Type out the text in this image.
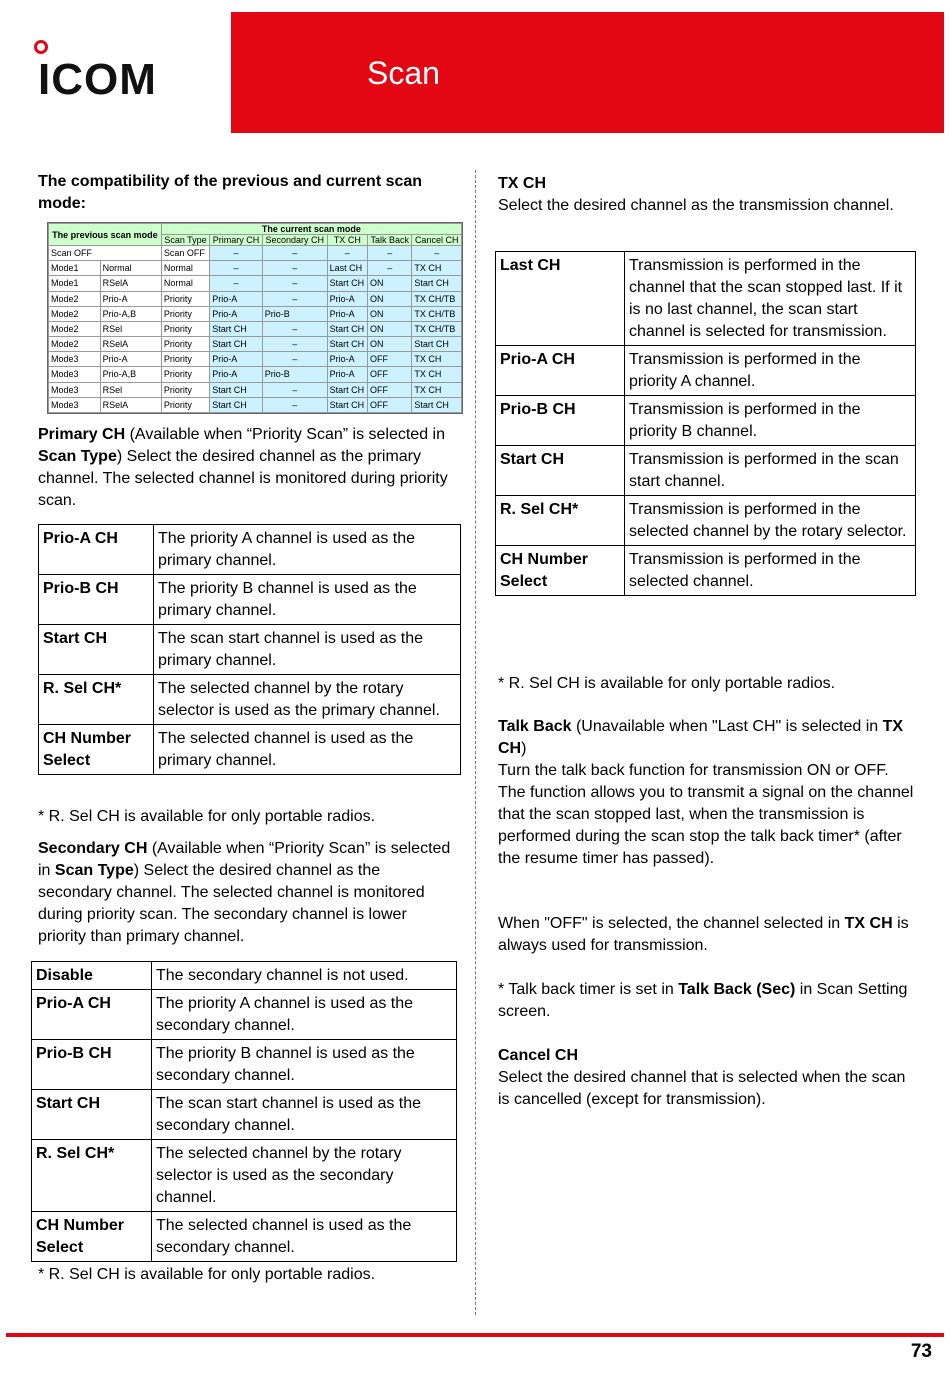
ICOM	Scan

The compatibility of the previous and current scan mode:

The previous scan mode		The current scan mode					
		Scan Type	Primary CH	Secondary CH	TX CH	Talk Back	Cancel CH
Scan OFF		Scan OFF	–	–	–	–	–
Mode1	Normal	Normal	–	–	Last CH	–	TX CH
Mode1	RSelA	Normal	–	–	Start CH	ON	Start CH
Mode2	Prio-A	Priority	Prio-A	–	Prio-A	ON	TX CH/TB
Mode2	Prio-A,B	Priority	Prio-A	Prio-B	Prio-A	ON	TX CH/TB
Mode2	RSel	Priority	Start CH	–	Start CH	ON	TX CH/TB
Mode2	RSelA	Priority	Start CH	–	Start CH	ON	Start CH
Mode3	Prio-A	Priority	Prio-A	–	Prio-A	OFF	TX CH
Mode3	Prio-A,B	Priority	Prio-A	Prio-B	Prio-A	OFF	TX CH
Mode3	RSel	Priority	Start CH	–	Start CH	OFF	TX CH
Mode3	RSelA	Priority	Start CH	–	Start CH	OFF	Start CH

Primary CH (Available when “Priority Scan” is selected in Scan Type) Select the desired channel as the primary channel. The selected channel is monitored during priority scan.

Prio-A CH	The priority A channel is used as the primary channel.
Prio-B CH	The priority B channel is used as the primary channel.
Start CH	The scan start channel is used as the primary channel.
R. Sel CH*	The selected channel by the rotary selector is used as the primary channel.
CH Number Select	The selected channel is used as the primary channel.

* R. Sel CH is available for only portable radios.

Secondary CH (Available when “Priority Scan” is selected in Scan Type) Select the desired channel as the secondary channel. The selected channel is monitored during priority scan. The secondary channel is lower priority than primary channel.

Disable	The secondary channel is not used.
Prio-A CH	The priority A channel is used as the secondary channel.
Prio-B CH	The priority B channel is used as the secondary channel.
Start CH	The scan start channel is used as the secondary channel.
R. Sel CH*	The selected channel by the rotary selector is used as the secondary channel.
CH Number Select	The selected channel is used as the secondary channel.

* R. Sel CH is available for only portable radios.

TX CH

Select the desired channel as the transmission channel.

Last CH	Transmission is performed in the channel that the scan stopped last. If it is no last channel, the scan start channel is selected for transmission.
Prio-A CH	Transmission is performed in the priority A channel.
Prio-B CH	Transmission is performed in the priority B channel.
Start CH	Transmission is performed in the scan start channel.
R. Sel CH*	Transmission is performed in the selected channel by the rotary selector.
CH Number Select	Transmission is performed in the selected channel.

* R. Sel CH is available for only portable radios.

Talk Back (Unavailable when "Last CH" is selected in TX CH)
Turn the talk back function for transmission ON or OFF. The function allows you to transmit a signal on the channel that the scan stopped last, when the transmission is performed during the scan stop the talk back timer* (after the resume timer has passed).

When "OFF" is selected, the channel selected in TX CH is always used for transmission.

* Talk back timer is set in Talk Back (Sec) in Scan Setting screen.

Cancel CH

Select the desired channel that is selected when the scan is cancelled (except for transmission).

73
